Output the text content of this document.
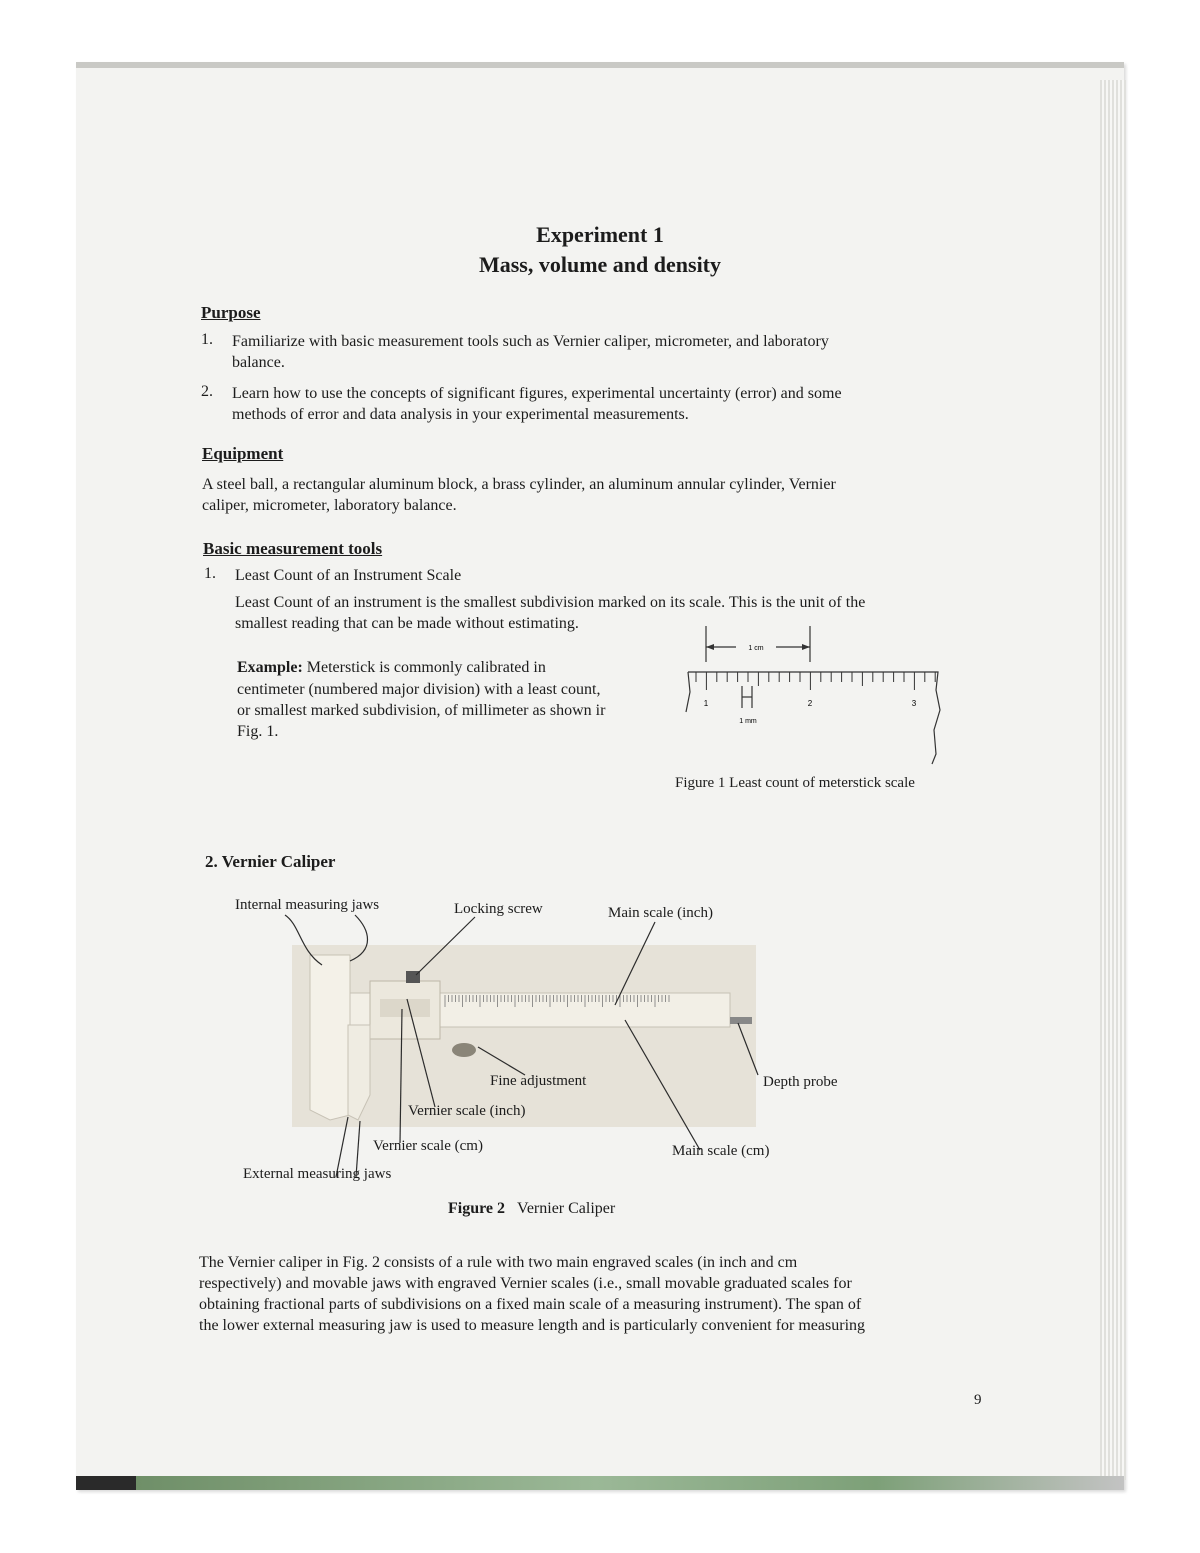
Experiment 1
Mass, volume and density
Purpose
1. Familiarize with basic measurement tools such as Vernier caliper, micrometer, and laboratory
balance.
2. Learn how to use the concepts of significant figures, experimental uncertainty (error) and some
methods of error and data analysis in your experimental measurements.
Equipment
A steel ball, a rectangular aluminum block, a brass cylinder, an aluminum annular cylinder, Vernier
caliper, micrometer, laboratory balance.
Basic measurement tools
1. Least Count of an Instrument Scale
Least Count of an instrument is the smallest subdivision marked on its scale. This is the unit of the
smallest reading that can be made without estimating.
Example: Meterstick is commonly calibrated in
centimeter (numbered major division) with a least count,
or smallest marked subdivision, of millimeter as shown ir
Fig. 1.
1 cm
1	2	3
1 mm
Figure 1 Least count of meterstick scale
2. Vernier Caliper
Internal measuring jaws	Locking screw	Main scale (inch)
Fine adjustment	Depth probe
Vernier scale (inch)
Vernier scale (cm)	Main scale (cm)
External measuring jaws
Figure 2 Vernier Caliper
The Vernier caliper in Fig. 2 consists of a rule with two main engraved scales (in inch and cm
respectively) and movable jaws with engraved Vernier scales (i.e., small movable graduated scales for
obtaining fractional parts of subdivisions on a fixed main scale of a measuring instrument). The span of
the lower external measuring jaw is used to measure length and is particularly convenient for measuring
9
